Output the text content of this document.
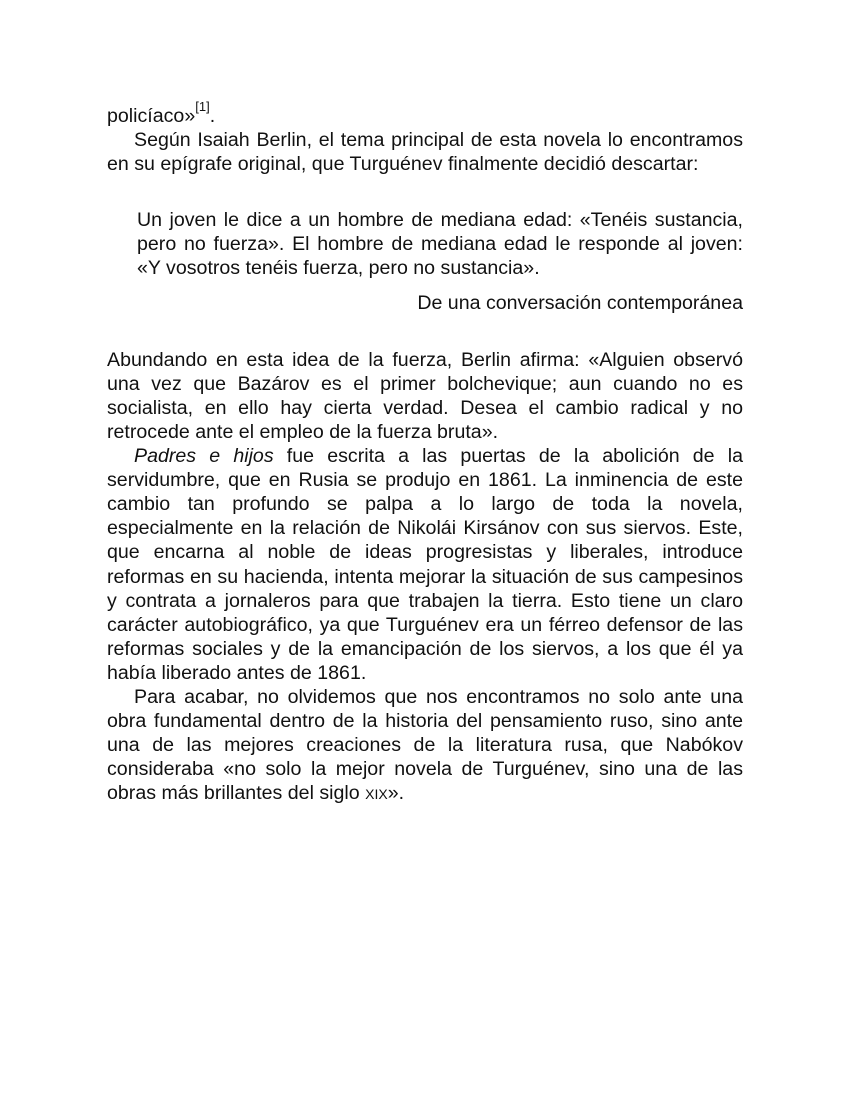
policíaco»[1].

Según Isaiah Berlin, el tema principal de esta novela lo encontramos en su epígrafe original, que Turguénev finalmente decidió descartar:

Un joven le dice a un hombre de mediana edad: «Tenéis sustancia, pero no fuerza». El hombre de mediana edad le responde al joven: «Y vosotros tenéis fuerza, pero no sustancia».

De una conversación contemporánea

Abundando en esta idea de la fuerza, Berlin afirma: «Alguien observó una vez que Bazárov es el primer bolchevique; aun cuando no es socialista, en ello hay cierta verdad. Desea el cambio radical y no retrocede ante el empleo de la fuerza bruta».

Padres e hijos fue escrita a las puertas de la abolición de la servidumbre, que en Rusia se produjo en 1861. La inminencia de este cambio tan profundo se palpa a lo largo de toda la novela, especialmente en la relación de Nikolái Kirsánov con sus siervos. Este, que encarna al noble de ideas progresistas y liberales, introduce reformas en su hacienda, intenta mejorar la situación de sus campesinos y contrata a jornaleros para que trabajen la tierra. Esto tiene un claro carácter autobiográfico, ya que Turguénev era un férreo defensor de las reformas sociales y de la emancipación de los siervos, a los que él ya había liberado antes de 1861.

Para acabar, no olvidemos que nos encontramos no solo ante una obra fundamental dentro de la historia del pensamiento ruso, sino ante una de las mejores creaciones de la literatura rusa, que Nabókov consideraba «no solo la mejor novela de Turguénev, sino una de las obras más brillantes del siglo XIX».
